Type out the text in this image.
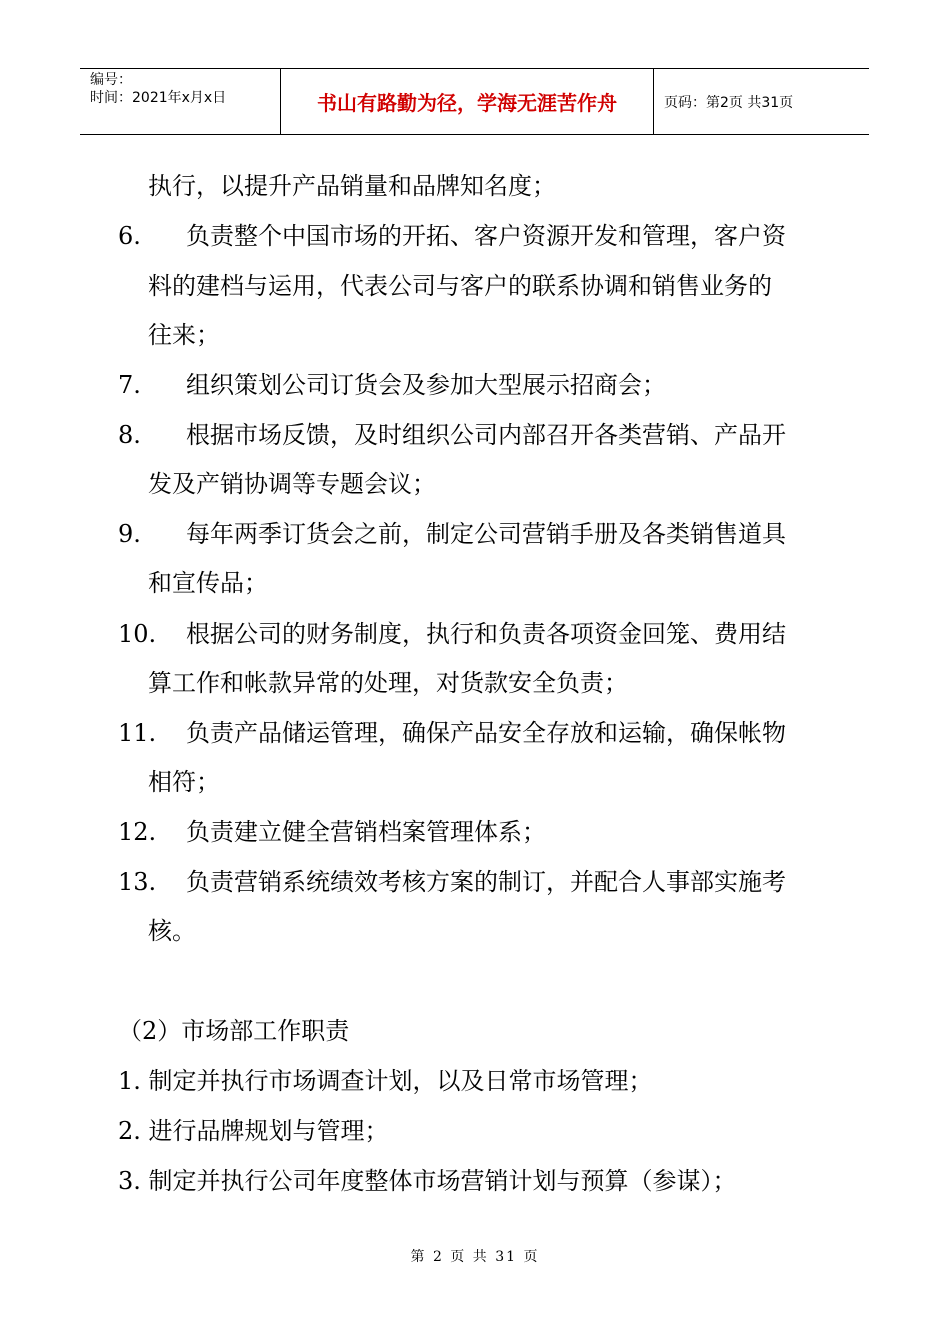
编号：
时间：2021年x月x日	书山有路勤为径，学海无涯苦作舟	页码：第2页 共31页
执行，以提升产品销量和品牌知名度；
6. 负责整个中国市场的开拓、客户资源开发和管理，客户资
料的建档与运用，代表公司与客户的联系协调和销售业务的
往来；
7. 组织策划公司订货会及参加大型展示招商会；
8. 根据市场反馈，及时组织公司内部召开各类营销、产品开
发及产销协调等专题会议；
9. 每年两季订货会之前，制定公司营销手册及各类销售道具
和宣传品；
10. 根据公司的财务制度，执行和负责各项资金回笼、费用结
算工作和帐款异常的处理，对货款安全负责；
11. 负责产品储运管理，确保产品安全存放和运输，确保帐物
相符；
12. 负责建立健全营销档案管理体系；
13. 负责营销系统绩效考核方案的制订，并配合人事部实施考
核。
（2）市场部工作职责
1. 制定并执行市场调查计划，以及日常市场管理；
2. 进行品牌规划与管理；
3. 制定并执行公司年度整体市场营销计划与预算（参谋）；
第 2 页 共 31 页
